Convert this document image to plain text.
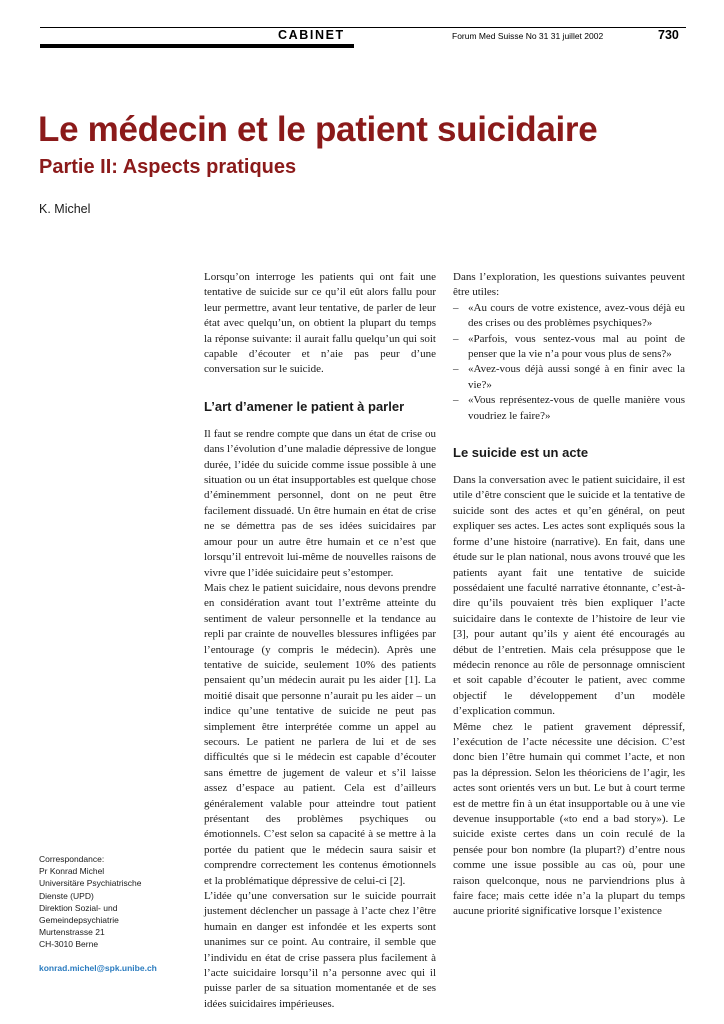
CABINET	Forum Med Suisse No 31 31 juillet 2002	730
Le médecin et le patient suicidaire
Partie II: Aspects pratiques
K. Michel

Lorsqu’on interroge les patients qui ont fait une tentative de suicide sur ce qu’il eût alors fallu pour leur permettre, avant leur tentative, de parler de leur état avec quelqu’un, on obtient la plupart du temps la réponse suivante: il aurait fallu quelqu’un qui soit capable d’écouter et n’aie pas peur d’une conversation sur le suicide.

L’art d’amener le patient à parler

Il faut se rendre compte que dans un état de crise ou dans l’évolution d’une maladie dépressive de longue durée, l’idée du suicide comme issue possible à une situation ou un état insupportables est quelque chose d’éminemment personnel, dont on ne peut être facilement dissuadé. Un être humain en état de crise ne se démettra pas de ses idées suicidaires par amour pour un autre être humain et ce n’est que lorsqu’il entrevoit lui-même de nouvelles raisons de vivre que l’idée suicidaire peut s’estomper.

Mais chez le patient suicidaire, nous devons prendre en considération avant tout l’extrême atteinte du sentiment de valeur personnelle et la tendance au repli par crainte de nouvelles blessures infligées par l’entourage (y compris le médecin). Après une tentative de suicide, seulement 10% des patients pensaient qu’un médecin aurait pu les aider [1]. La moitié disait que personne n’aurait pu les aider – un indice qu’une tentative de suicide ne peut pas simplement être interprétée comme un appel au secours. Le patient ne parlera de lui et de ses difficultés que si le médecin est capable d’écouter sans émettre de jugement de valeur et s’il laisse assez d’espace au patient. Cela est d’ailleurs généralement valable pour atteindre tout patient présentant des problèmes psychiques ou émotionnels. C’est selon sa capacité à se mettre à la portée du patient que le médecin saura saisir et comprendre correctement les contenus émotionnels et la problématique dépressive de celui-ci [2].

L’idée qu’une conversation sur le suicide pourrait justement déclencher un passage à l’acte chez l’être humain en danger est infondée et les experts sont unanimes sur ce point. Au contraire, il semble que l’individu en état de crise passera plus facilement à l’acte suicidaire lorsqu’il n’a personne avec qui il puisse parler de sa situation momentanée et de ses idées suicidaires impérieuses.

Dans l’exploration, les questions suivantes peuvent être utiles:

– «Au cours de votre existence, avez-vous déjà eu des crises ou des problèmes psychiques?»
– «Parfois, vous sentez-vous mal au point de penser que la vie n’a pour vous plus de sens?»
– «Avez-vous déjà aussi songé à en finir avec la vie?»
– «Vous représentez-vous de quelle manière vous voudriez le faire?»
Le suicide est un acte

Dans la conversation avec le patient suicidaire, il est utile d’être conscient que le suicide et la tentative de suicide sont des actes et qu’en général, on peut expliquer ses actes. Les actes sont expliqués sous la forme d’une histoire (narrative). En fait, dans une étude sur le plan national, nous avons trouvé que les patients ayant fait une tentative de suicide possédaient une faculté narrative étonnante, c’est-à-dire qu’ils pouvaient très bien expliquer l’acte suicidaire dans le contexte de l’histoire de leur vie [3], pour autant qu’ils y aient été encouragés au début de l’entretien. Mais cela présuppose que le médecin renonce au rôle de personnage omniscient et soit capable d’écouter le patient, avec comme objectif le développement d’un modèle d’explication commun.

Même chez le patient gravement dépressif, l’exécution de l’acte nécessite une décision. C’est donc bien l’être humain qui commet l’acte, et non pas la dépression. Selon les théoriciens de l’agir, les actes sont orientés vers un but. Le but à court terme est de mettre fin à un état insupportable ou à une vie devenue insupportable («to end a bad story»). Le suicide existe certes dans un coin reculé de la pensée pour bon nombre (la plupart?) d’entre nous comme une issue possible au cas où, pour une raison quelconque, nous ne parviendrions plus à faire face; mais cette idée n’a la plupart du temps aucune priorité significative lorsque l’existence

Correspondance:
Pr Konrad Michel
Universitäre Psychiatrische
Dienste (UPD)
Direktion Sozial- und
Gemeindepsychiatrie
Murtenstrasse 21
CH-3010 Berne
konrad.michel@spk.unibe.ch
